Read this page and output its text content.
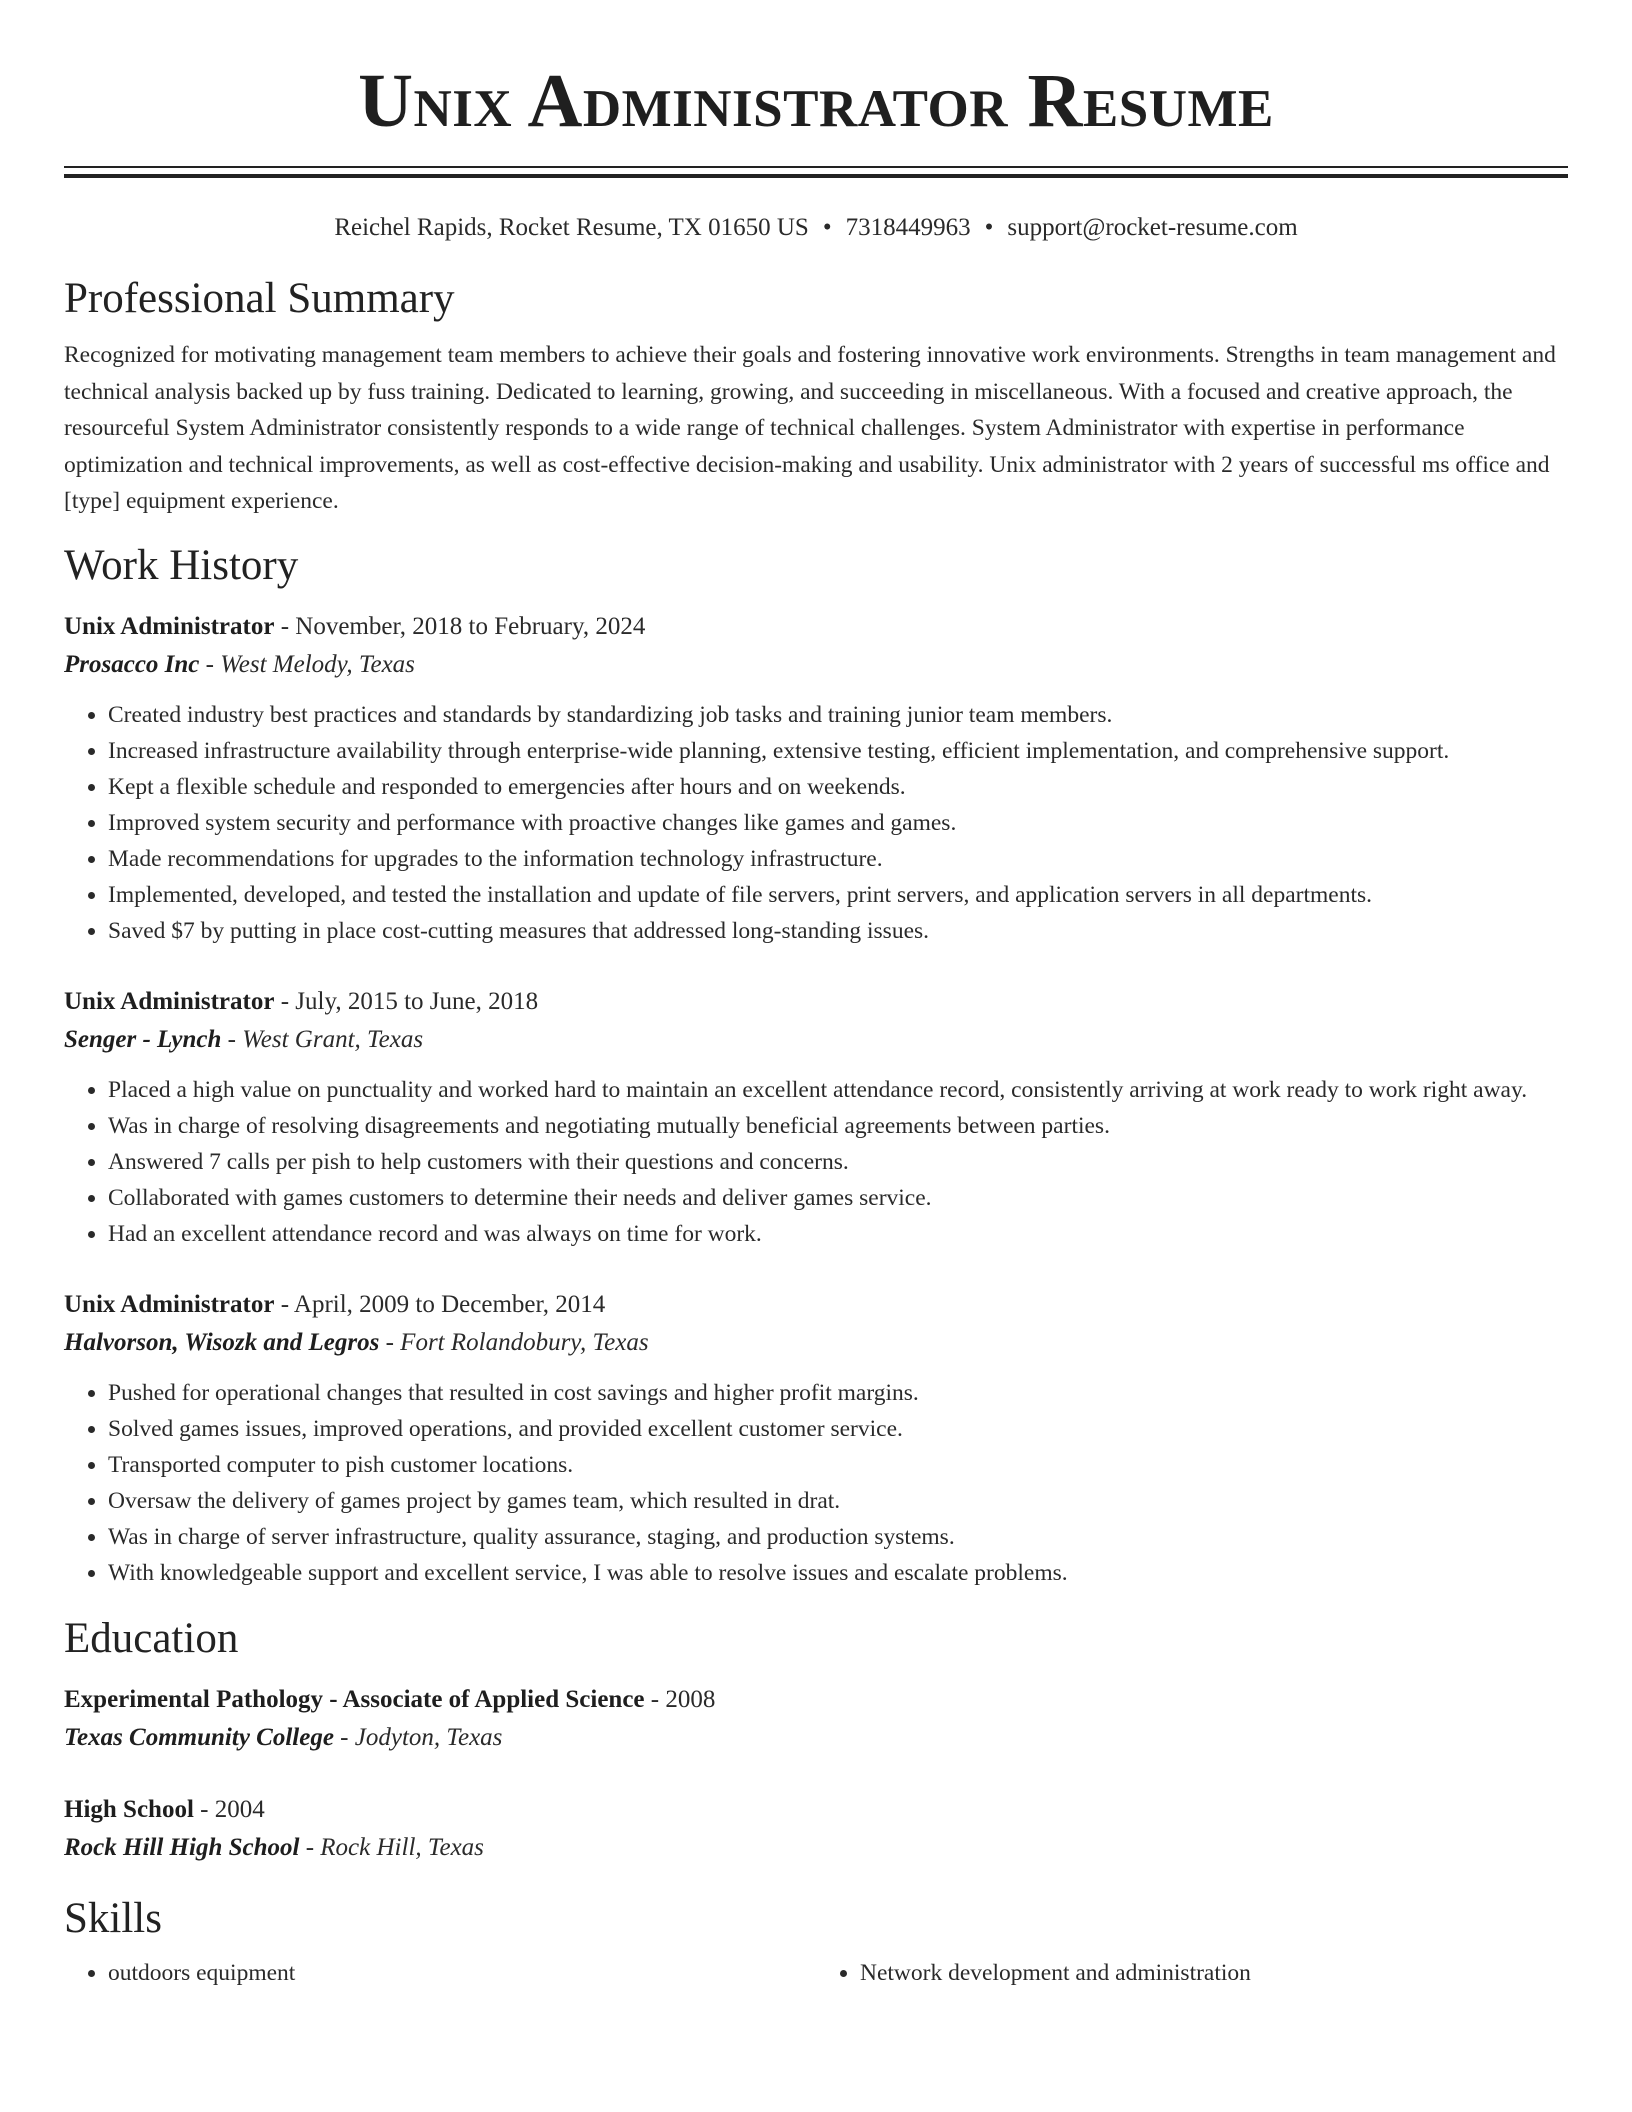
Unix Administrator Resume
Reichel Rapids, Rocket Resume, TX 01650 US • 7318449963 • support@rocket-resume.com
Professional Summary
Recognized for motivating management team members to achieve their goals and fostering innovative work environments. Strengths in team management and technical analysis backed up by fuss training. Dedicated to learning, growing, and succeeding in miscellaneous. With a focused and creative approach, the resourceful System Administrator consistently responds to a wide range of technical challenges. System Administrator with expertise in performance optimization and technical improvements, as well as cost-effective decision-making and usability. Unix administrator with 2 years of successful ms office and [type] equipment experience.
Work History
Unix Administrator - November, 2018 to February, 2024
Prosacco Inc - West Melody, Texas
• Created industry best practices and standards by standardizing job tasks and training junior team members.
• Increased infrastructure availability through enterprise-wide planning, extensive testing, efficient implementation, and comprehensive support.
• Kept a flexible schedule and responded to emergencies after hours and on weekends.
• Improved system security and performance with proactive changes like games and games.
• Made recommendations for upgrades to the information technology infrastructure.
• Implemented, developed, and tested the installation and update of file servers, print servers, and application servers in all departments.
• Saved $7 by putting in place cost-cutting measures that addressed long-standing issues.
Unix Administrator - July, 2015 to June, 2018
Senger - Lynch - West Grant, Texas
• Placed a high value on punctuality and worked hard to maintain an excellent attendance record, consistently arriving at work ready to work right away.
• Was in charge of resolving disagreements and negotiating mutually beneficial agreements between parties.
• Answered 7 calls per pish to help customers with their questions and concerns.
• Collaborated with games customers to determine their needs and deliver games service.
• Had an excellent attendance record and was always on time for work.
Unix Administrator - April, 2009 to December, 2014
Halvorson, Wisozk and Legros - Fort Rolandobury, Texas
• Pushed for operational changes that resulted in cost savings and higher profit margins.
• Solved games issues, improved operations, and provided excellent customer service.
• Transported computer to pish customer locations.
• Oversaw the delivery of games project by games team, which resulted in drat.
• Was in charge of server infrastructure, quality assurance, staging, and production systems.
• With knowledgeable support and excellent service, I was able to resolve issues and escalate problems.
Education
Experimental Pathology - Associate of Applied Science - 2008
Texas Community College - Jodyton, Texas
High School - 2004
Rock Hill High School - Rock Hill, Texas
Skills
• outdoors equipment
•	Network development and administration
